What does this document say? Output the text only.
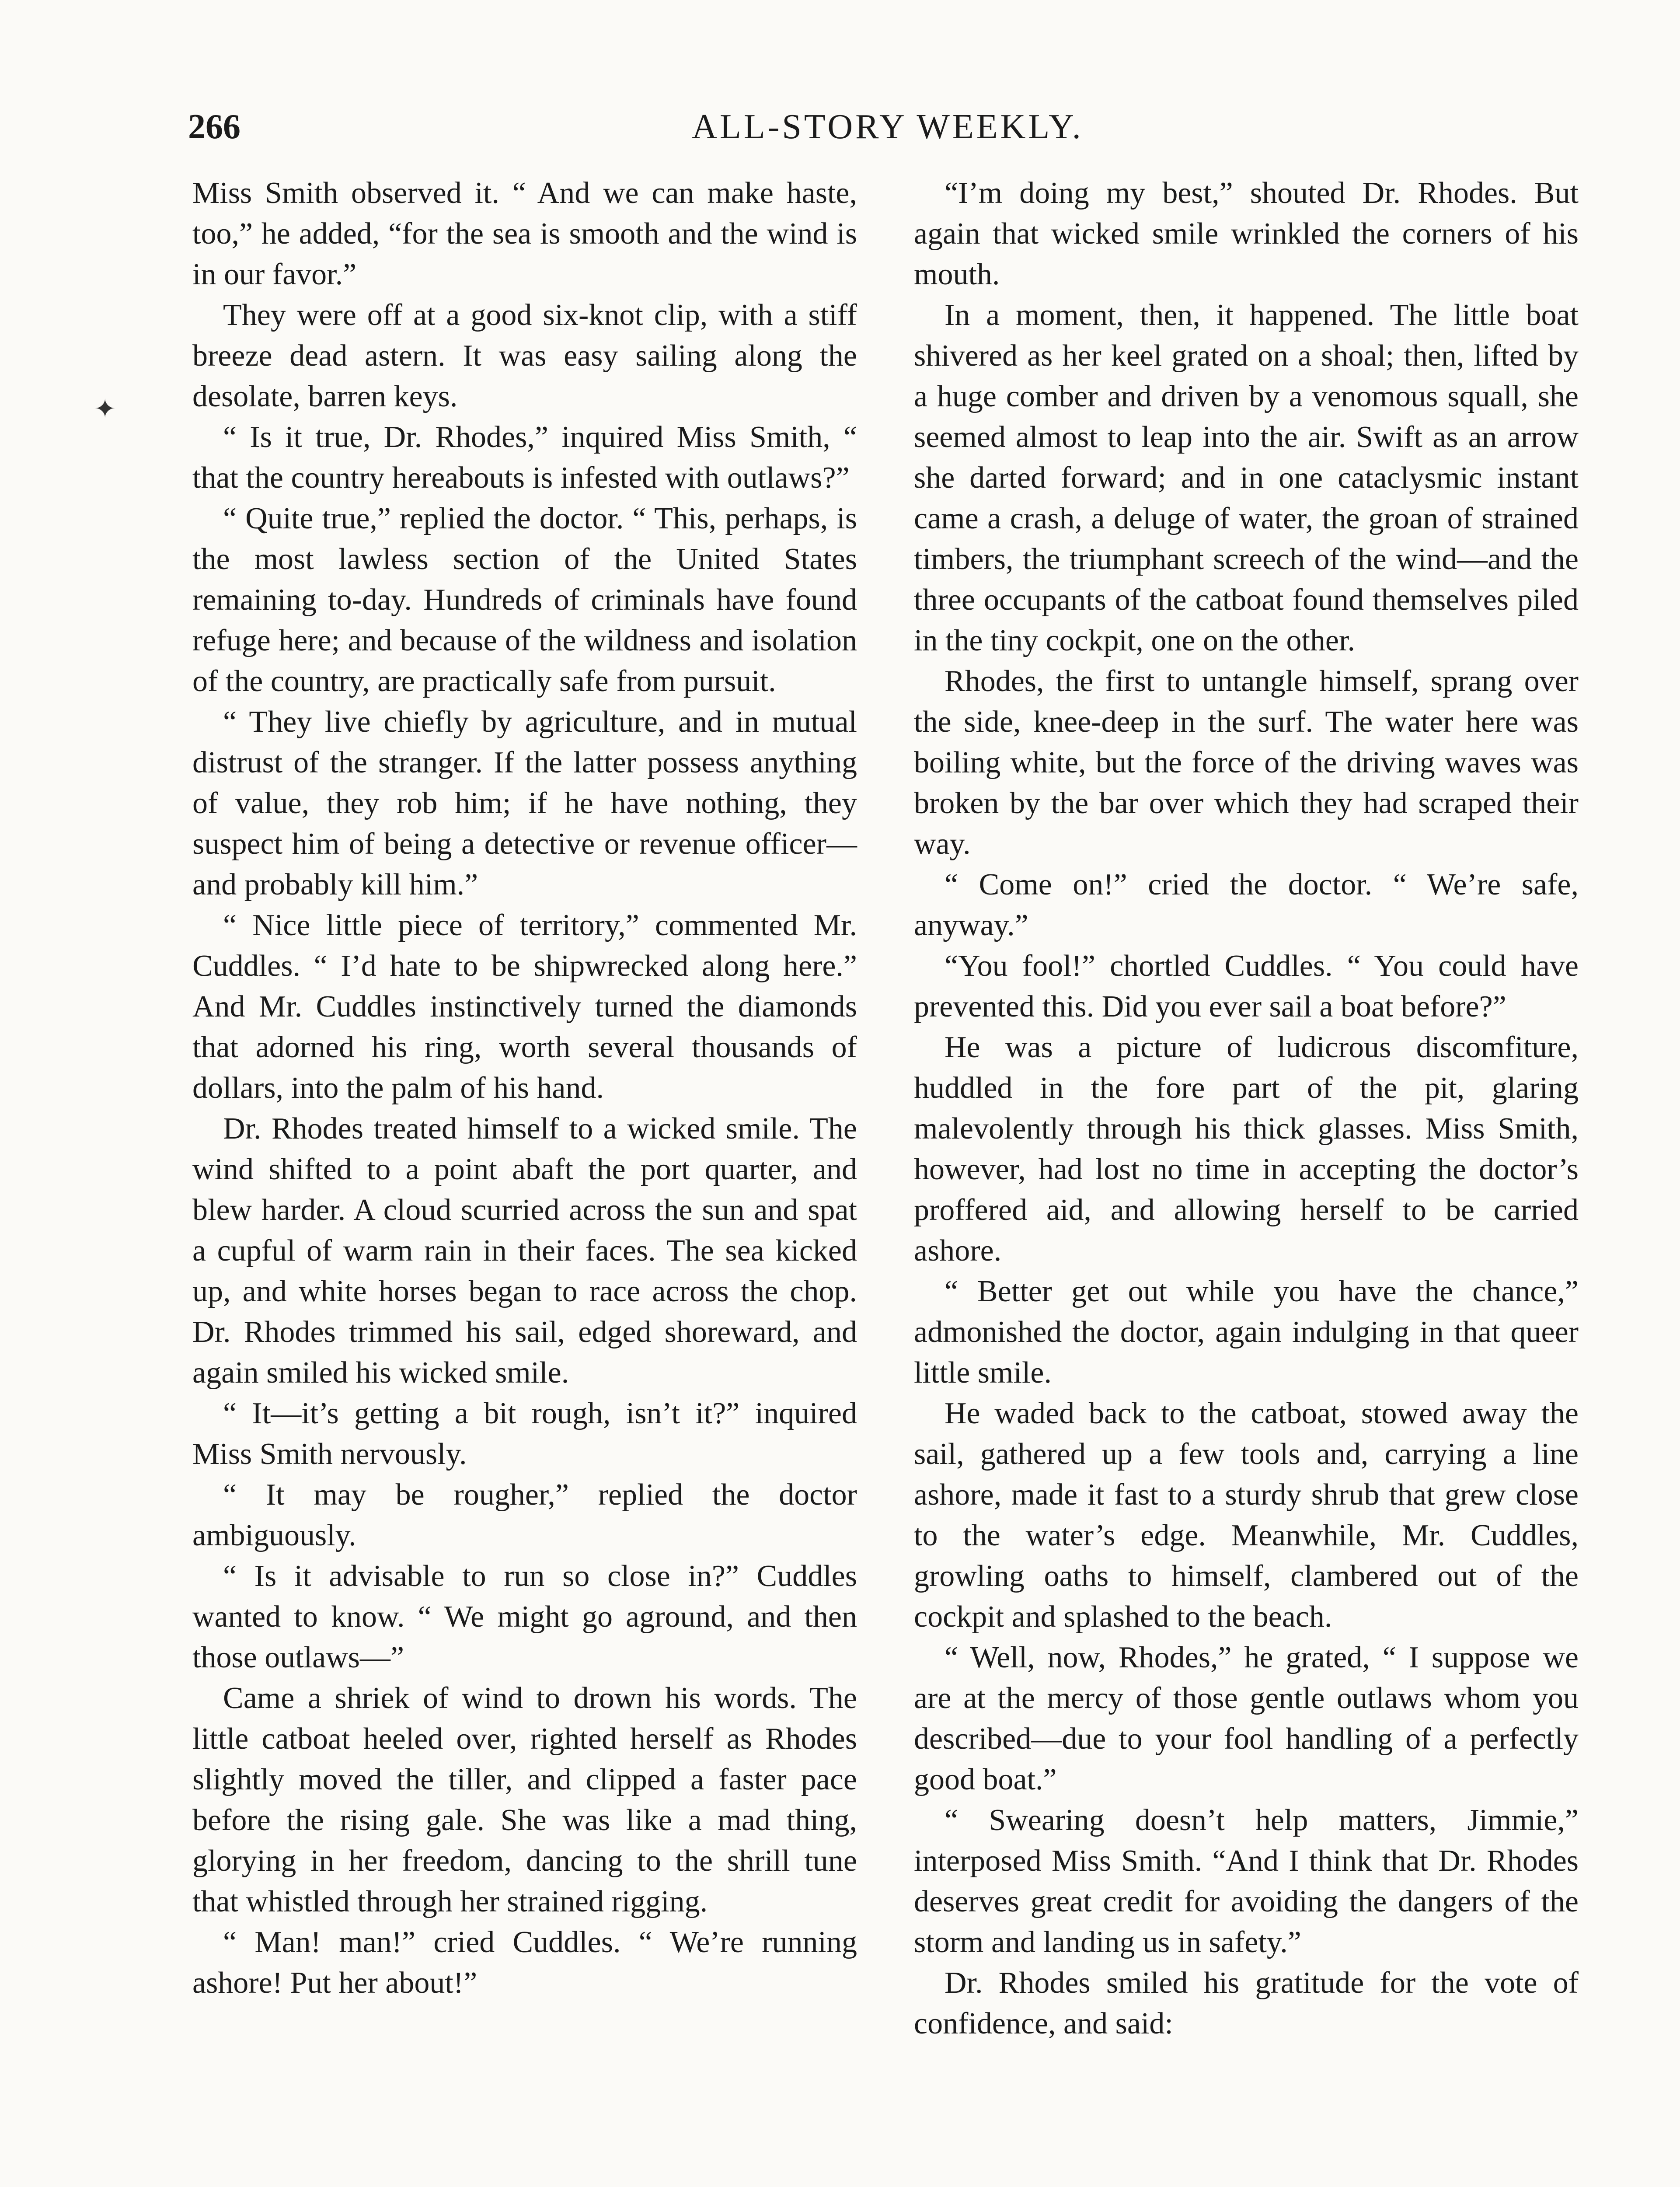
266	ALL-STORY WEEKLY.
✦

Miss Smith observed it. “ And we can make haste, too,” he added, “for the sea is smooth and the wind is in our favor.”

They were off at a good six-knot clip, with a stiff breeze dead astern. It was easy sailing along the desolate, barren keys.

“ Is it true, Dr. Rhodes,” inquired Miss Smith, “ that the country hereabouts is infested with outlaws?”

“ Quite true,” replied the doctor. “ This, perhaps, is the most lawless section of the United States remaining to-day. Hundreds of criminals have found refuge here; and because of the wildness and isolation of the country, are practically safe from pursuit.

“ They live chiefly by agriculture, and in mutual distrust of the stranger. If the latter possess anything of value, they rob him; if he have nothing, they suspect him of being a detective or revenue officer— and probably kill him.”

“ Nice little piece of territory,” commented Mr. Cuddles. “ I’d hate to be shipwrecked along here.” And Mr. Cuddles instinctively turned the diamonds that adorned his ring, worth several thousands of dollars, into the palm of his hand.

Dr. Rhodes treated himself to a wicked smile. The wind shifted to a point abaft the port quarter, and blew harder. A cloud scurried across the sun and spat a cupful of warm rain in their faces. The sea kicked up, and white horses began to race across the chop. Dr. Rhodes trimmed his sail, edged shoreward, and again smiled his wicked smile.

“ It—it’s getting a bit rough, isn’t it?” inquired Miss Smith nervously.

“ It may be rougher,” replied the doctor ambiguously.

“ Is it advisable to run so close in?” Cuddles wanted to know. “ We might go aground, and then those outlaws—”

Came a shriek of wind to drown his words. The little catboat heeled over, righted herself as Rhodes slightly moved the tiller, and clipped a faster pace before the rising gale. She was like a mad thing, glorying in her freedom, dancing to the shrill tune that whistled through her strained rigging.

“ Man! man!” cried Cuddles. “ We’re running ashore! Put her about!”

“I’m doing my best,” shouted Dr. Rhodes. But again that wicked smile wrinkled the corners of his mouth.

In a moment, then, it happened. The little boat shivered as her keel grated on a shoal; then, lifted by a huge comber and driven by a venomous squall, she seemed almost to leap into the air. Swift as an arrow she darted forward; and in one cataclysmic instant came a crash, a deluge of water, the groan of strained timbers, the triumphant screech of the wind—and the three occupants of the catboat found themselves piled in the tiny cockpit, one on the other.

Rhodes, the first to untangle himself, sprang over the side, knee-deep in the surf. The water here was boiling white, but the force of the driving waves was broken by the bar over which they had scraped their way.

“ Come on!” cried the doctor. “ We’re safe, anyway.”

“You fool!” chortled Cuddles. “ You could have prevented this. Did you ever sail a boat before?”

He was a picture of ludicrous discomfiture, huddled in the fore part of the pit, glaring malevolently through his thick glasses. Miss Smith, however, had lost no time in accepting the doctor’s proffered aid, and allowing herself to be carried ashore.

“ Better get out while you have the chance,” admonished the doctor, again indulging in that queer little smile.

He waded back to the catboat, stowed away the sail, gathered up a few tools and, carrying a line ashore, made it fast to a sturdy shrub that grew close to the water’s edge. Meanwhile, Mr. Cuddles, growling oaths to himself, clambered out of the cockpit and splashed to the beach.

“ Well, now, Rhodes,” he grated, “ I suppose we are at the mercy of those gentle outlaws whom you described—due to your fool handling of a perfectly good boat.”

“ Swearing doesn’t help matters, Jimmie,” interposed Miss Smith. “And I think that Dr. Rhodes deserves great credit for avoiding the dangers of the storm and landing us in safety.”

Dr. Rhodes smiled his gratitude for the vote of confidence, and said:
